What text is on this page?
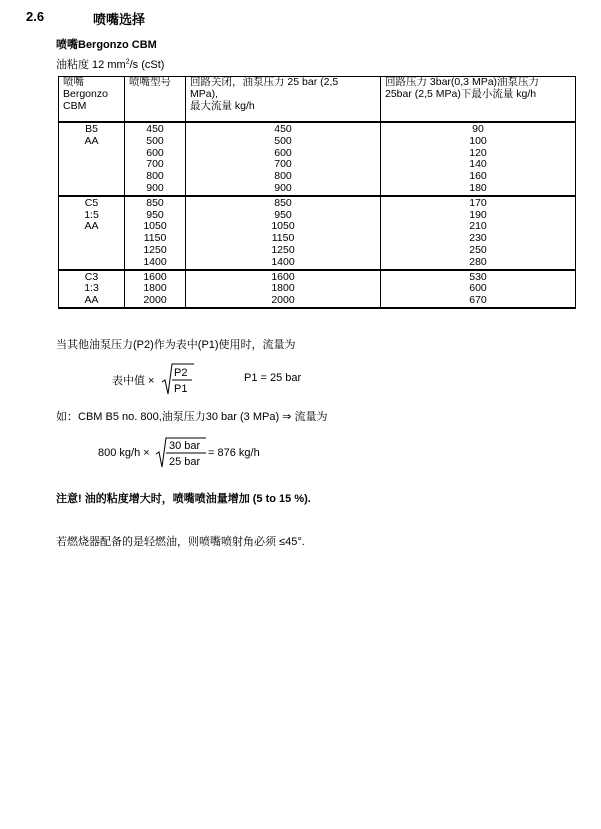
2.6	喷嘴选择
喷嘴Bergonzo CBM
油粘度 12 $mm^2/s$ (cSt)
喷嘴
Bergonzo
CBM	喷嘴型号	回路关闭，油泵压力 25 bar (2,5
MPa),
最大流量 kg/h	回路压力 3bar(0,3 MPa)油泵压力
25bar (2,5 MPa)下最小流量 kg/h

B5
AA	450	450	90
	500	500	100
	600	600	120
	700	700	140
	800	800	160
	900	900	180

C5
1:5
AA	850	850	170
	950	950	190
	1050	1050	210
	1150	1150	230
	1250	1250	250
	1400	1400	280

C3
1:3
AA	1600	1600	530
	1800	1800	600
	2000	2000	670
当其他油泵压力(P2)作为表中(P1)使用时，流量为
表中值 ×
P2
P1
P1 = 25 bar
如：CBM B5 no. 800,油泵压力30 bar (3 MPa) ⇒ 流量为
800 kg/h ×
30 bar
25 bar
= 876 kg/h
注意! 油的粘度增大时，喷嘴喷油量增加 (5 to 15 %).
若燃烧器配备的是轻燃油，则喷嘴喷射角必须 ≤45°.
